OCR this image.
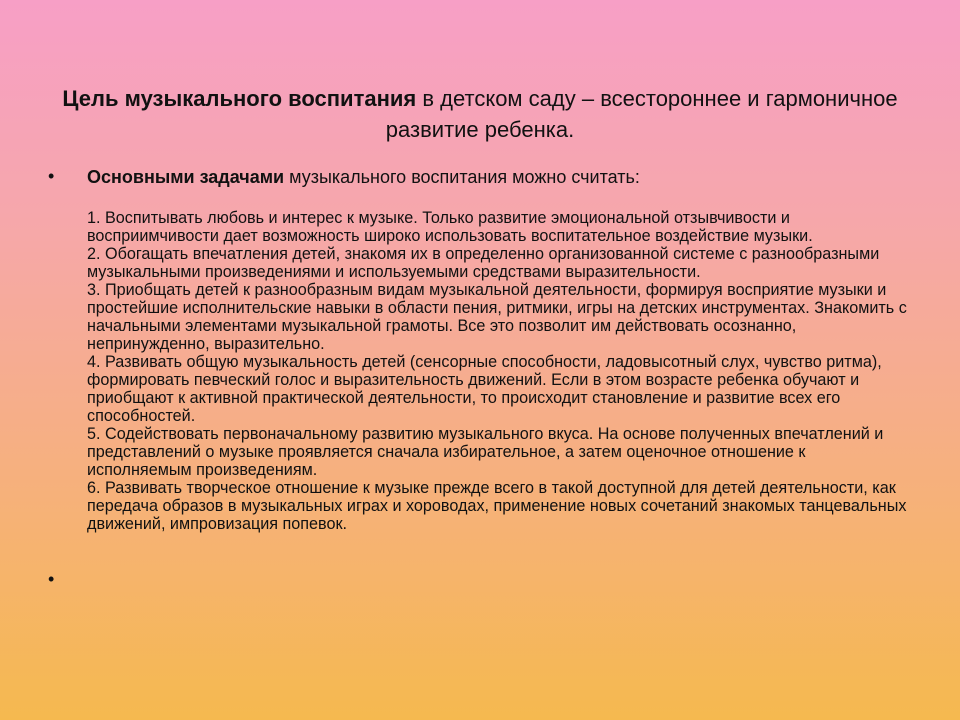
Цель музыкального воспитания в детском саду – всестороннее и гармоничное развитие ребенка.
• Основными задачами музыкального воспитания можно считать:

1. Воспитывать любовь и интерес к музыке. Только развитие эмоциональной отзывчивости и восприимчивости дает возможность широко использовать воспитательное воздействие музыки.

2. Обогащать впечатления детей, знакомя их в определенно организованной системе с разнообразными музыкальными произведениями и используемыми средствами выразительности.

3. Приобщать детей к разнообразным видам музыкальной деятельности, формируя восприятие музыки и простейшие исполнительские навыки в области пения, ритмики, игры на детских инструментах. Знакомить с начальными элементами музыкальной грамоты. Все это позволит им действовать осознанно, непринужденно, выразительно.

4. Развивать общую музыкальность детей (сенсорные способности, ладовысотный слух, чувство ритма), формировать певческий голос и выразительность движений. Если в этом возрасте ребенка обучают и приобщают к активной практической деятельности, то происходит становление и развитие всех его способностей.

5. Содействовать первоначальному развитию музыкального вкуса. На основе полученных впечатлений и представлений о музыке проявляется сначала избирательное, а затем оценочное отношение к исполняемым произведениям.

6. Развивать творческое отношение к музыке прежде всего в такой доступной для детей деятельности, как передача образов в музыкальных играх и хороводах, применение новых сочетаний знакомых танцевальных движений, импровизация попевок.

•
